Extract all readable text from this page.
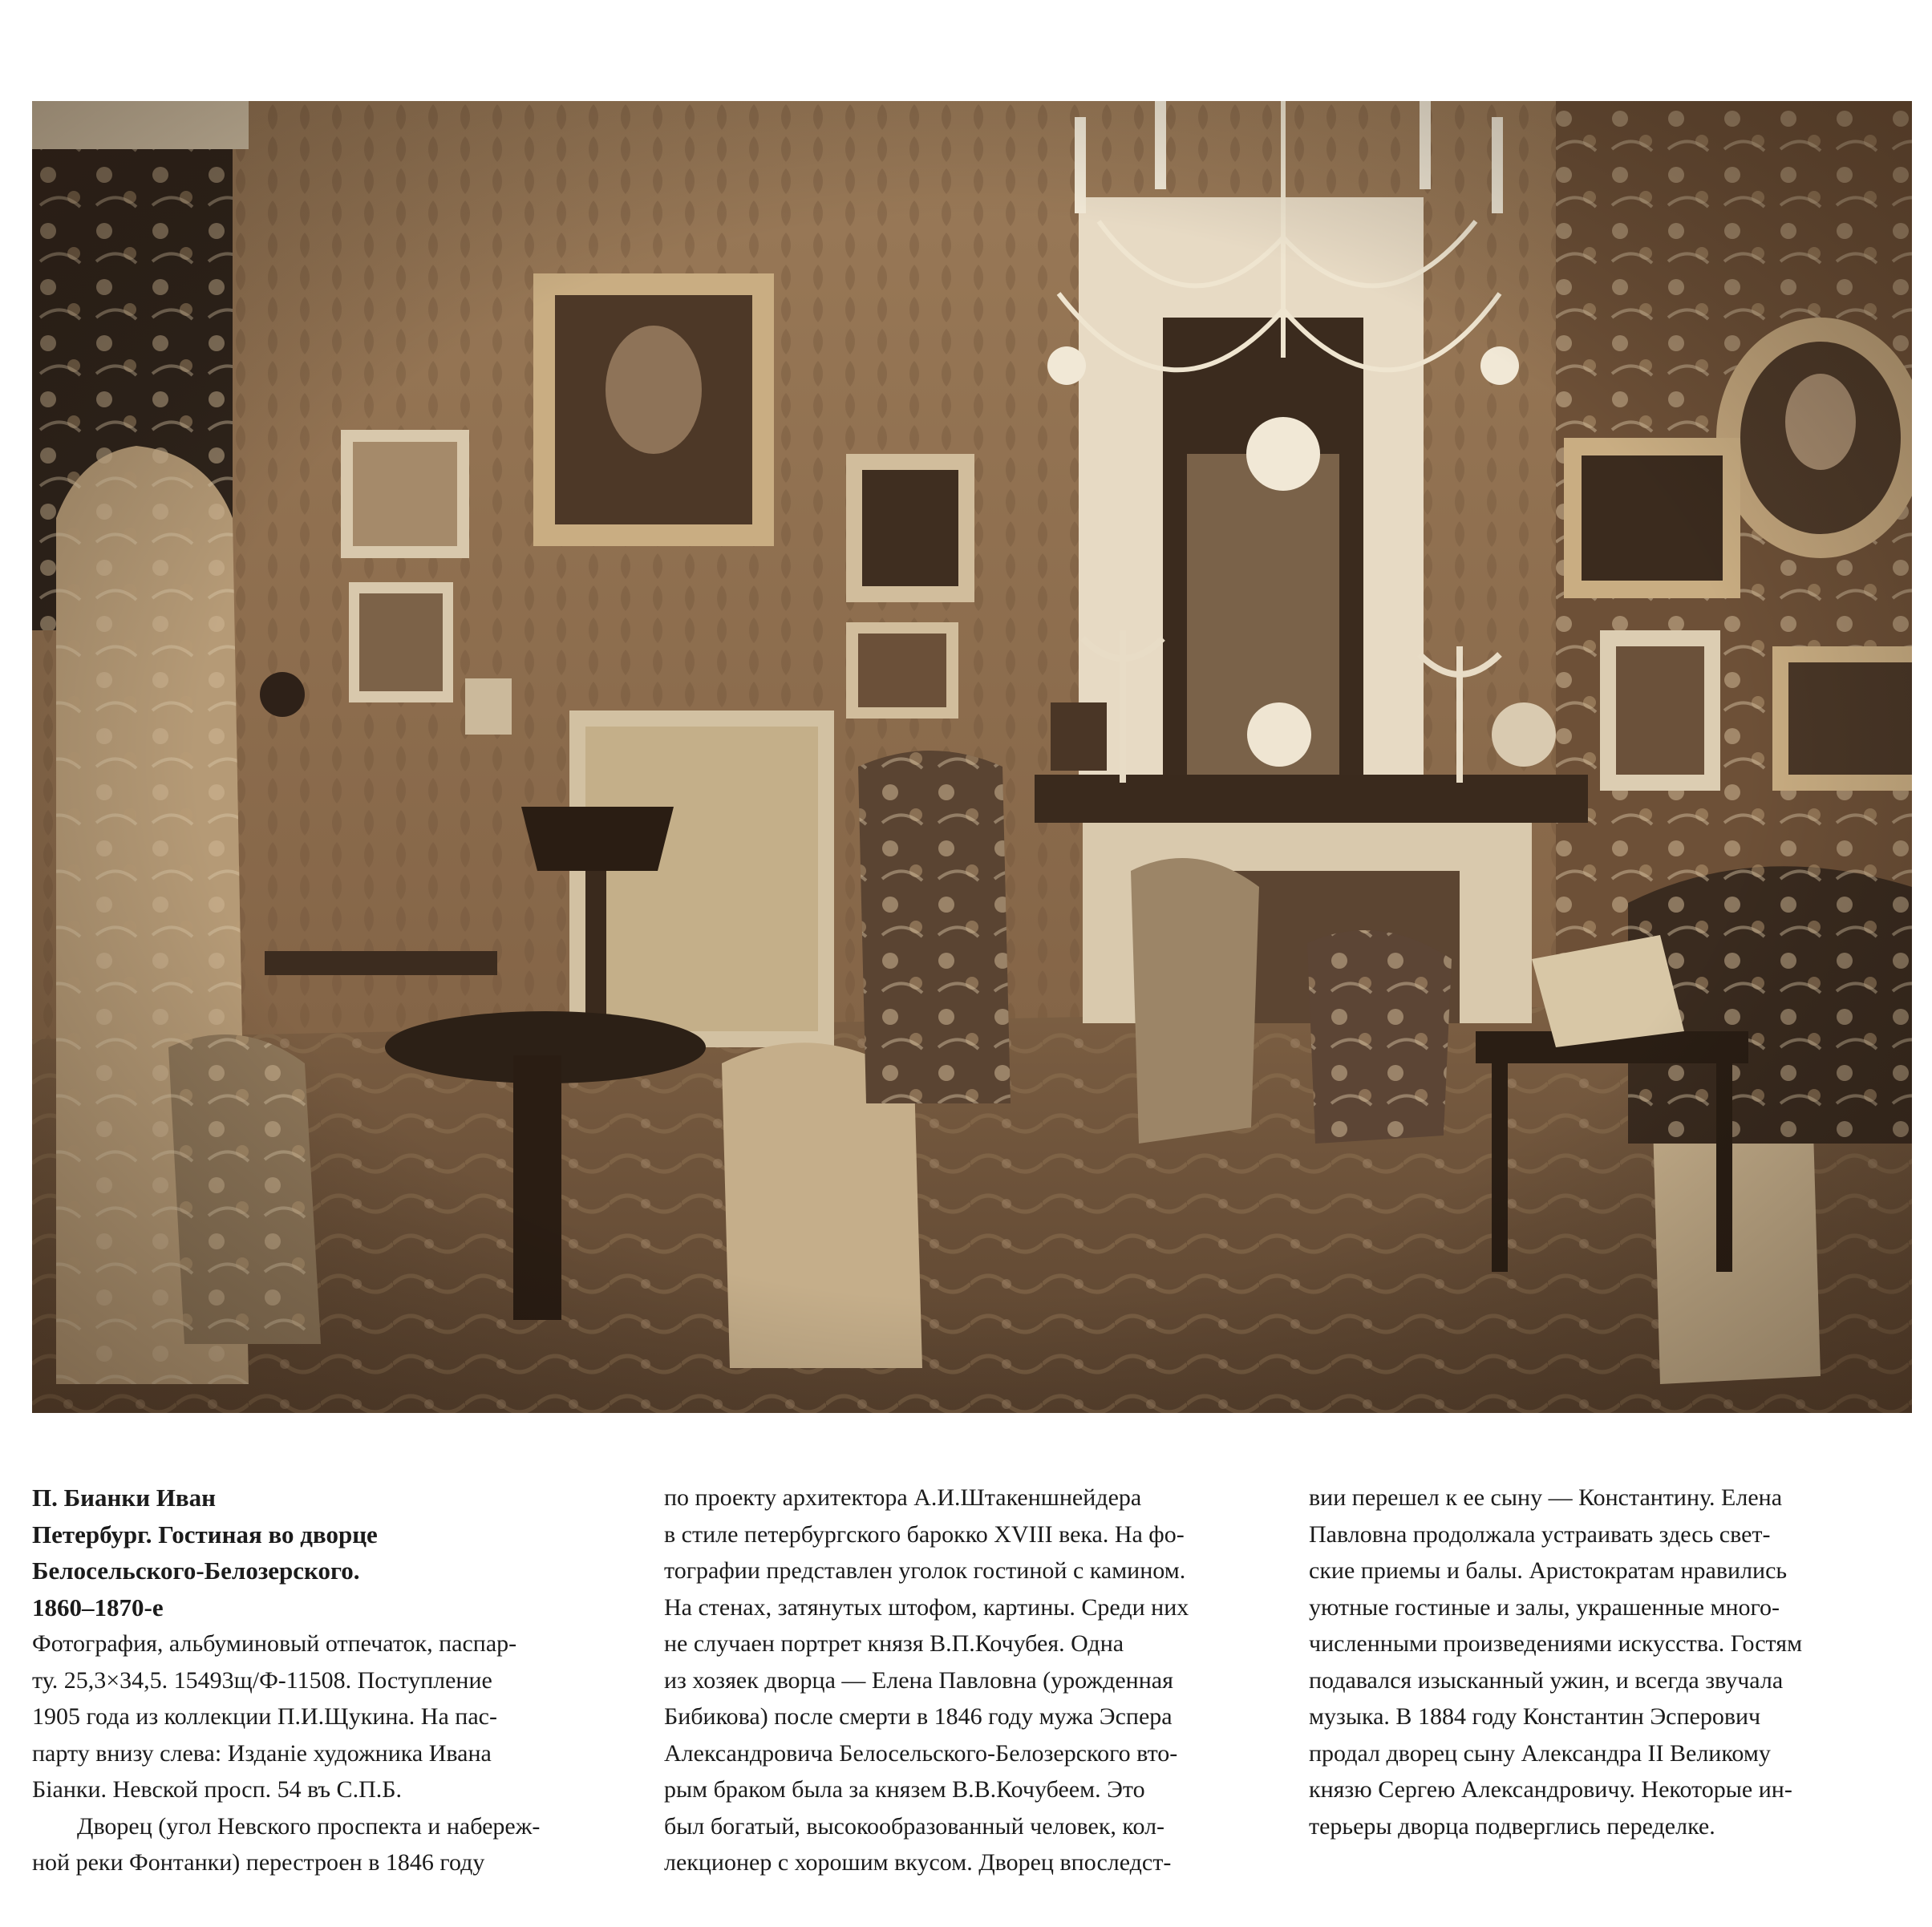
П. Бианки Иван
Петербург. Гостиная во дворце
Белосельского-Белозерского.
1860–1870-е
Фотография, альбуминовый отпечаток, паспар-
ту. 25,3×34,5. 15493щ/Ф-11508. Поступление
1905 года из коллекции П.И.Щукина. На пас-
парту внизу слева: Изданіе художника Ивана
Біанки. Невской просп. 54 въ С.П.Б.
Дворец (угол Невского проспекта и набереж-
ной реки Фонтанки) перестроен в 1846 году
по проекту архитектора А.И.Штакеншнейдера
в стиле петербургского барокко XVIII века. На фо-
тографии представлен уголок гостиной с камином.
На стенах, затянутых штофом, картины. Среди них
не случаен портрет князя В.П.Кочубея. Одна
из хозяек дворца — Елена Павловна (урожденная
Бибикова) после смерти в 1846 году мужа Эспера
Александровича Белосельского-Белозерского вто-
рым браком была за князем В.В.Кочубеем. Это
был богатый, высокообразованный человек, кол-
лекционер с хорошим вкусом. Дворец впоследст-
вии перешел к ее сыну — Константину. Елена
Павловна продолжала устраивать здесь свет-
ские приемы и балы. Аристократам нравились
уютные гостиные и залы, украшенные много-
численными произведениями искусства. Гостям
подавался изысканный ужин, и всегда звучала
музыка. В 1884 году Константин Эсперович
продал дворец сыну Александра II Великому
князю Сергею Александровичу. Некоторые ин-
терьеры дворца подверглись переделке.
